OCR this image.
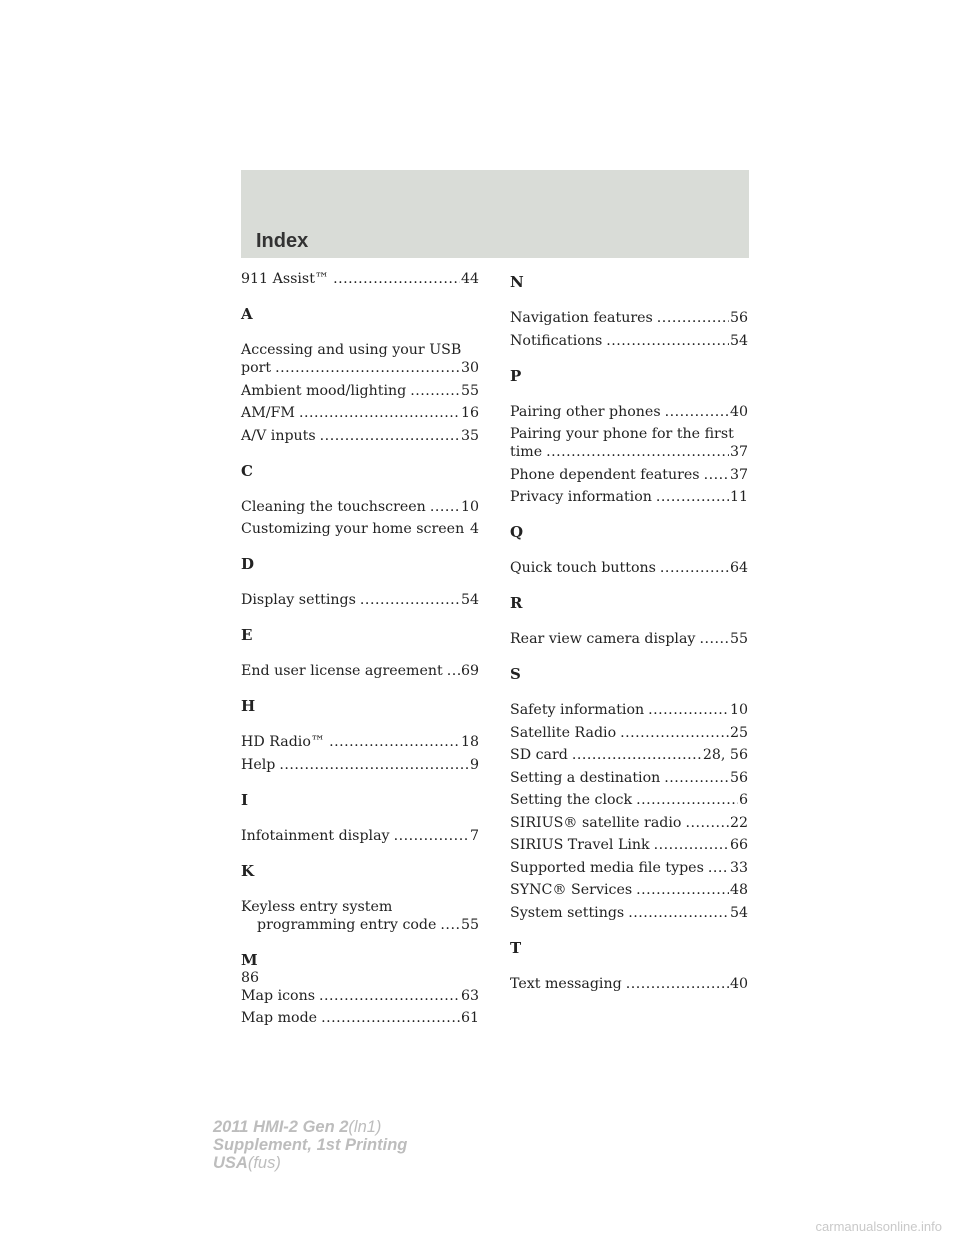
Index
911 Assist™ .....	44
A
Accessing and using your USB
port .....	30
Ambient mood/lighting .....	55
AM/FM .....	16
A/V inputs .....	35
C
Cleaning the touchscreen ..... 10
Customizing your home screen ..... 4
D
Display settings .....	54
E
End user license agreement ..... 69
H
HD Radio™ .....	18
Help .....	9
I
Infotainment display .....	7
K
Keyless entry system
programming entry code ..... 55
M
Map icons .....	63
Map mode .....	61
N
Navigation features .....	56
Notifications .....	54
P
Pairing other phones .....	40
Pairing your phone for the first
time .....	37
Phone dependent features ..... 37
Privacy information .....	11
Q
Quick touch buttons .....	64
R
Rear view camera display ..... 55
S
Safety information .....	10
Satellite Radio .....	25
SD card .....	28, 56
Setting a destination .....	56
Setting the clock .....	6
SIRIUS® satellite radio .....	22
SIRIUS Travel Link .....	66
Supported media file types ..... 33
SYNC® Services .....	48
System settings .....	54
T
Text messaging .....	40
86
2011 HMI-2 Gen 2(ln1)
Supplement, 1st Printing
USA(fus)
carmanualsonline.info
